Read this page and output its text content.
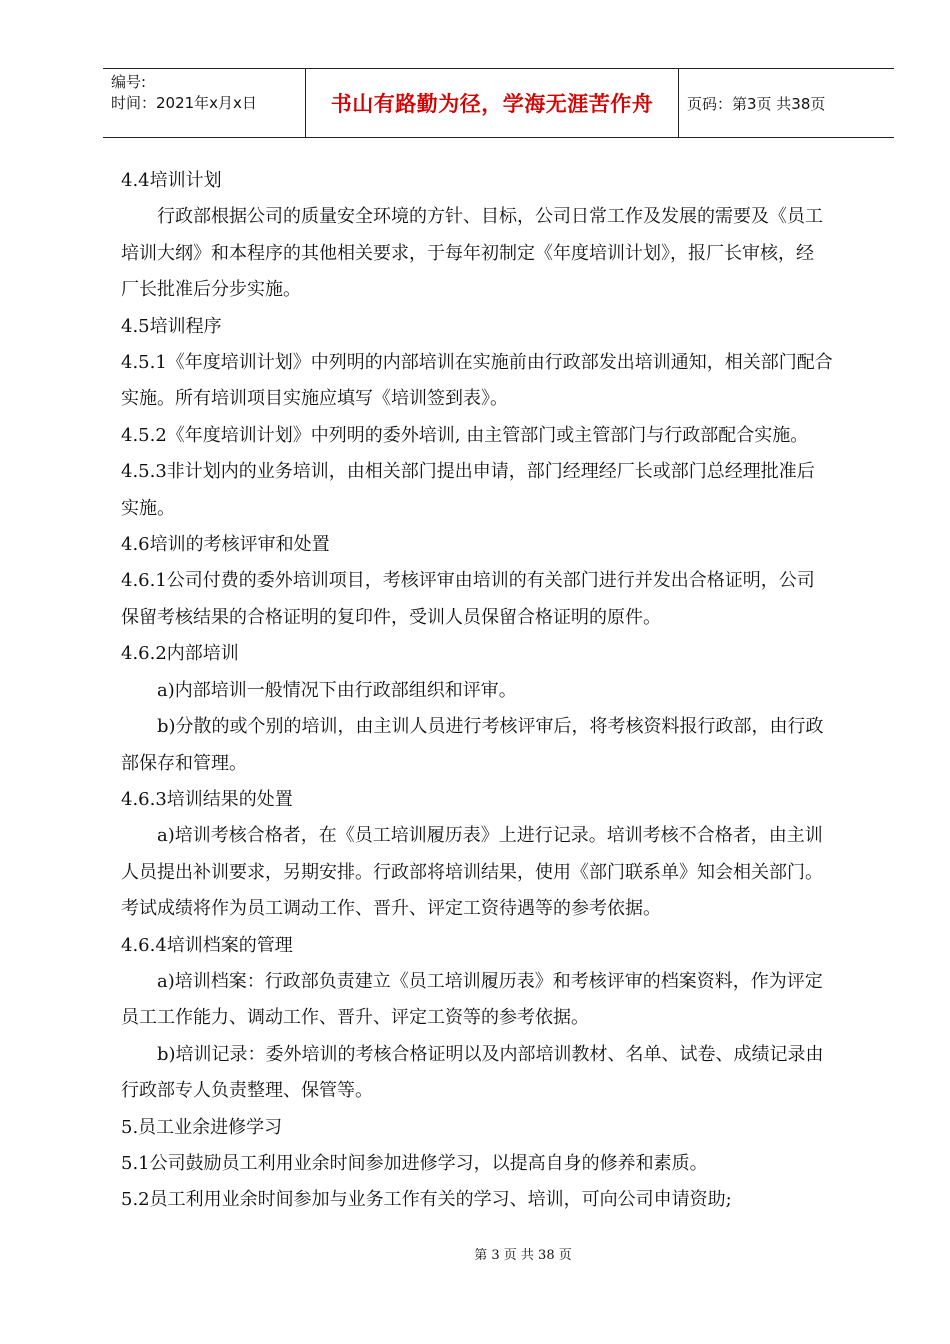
编号:
时间：2021年x月x日	书山有路勤为径，学海无涯苦作舟 页码：第3页 共38页
4.4培训计划
行政部根据公司的质量安全环境的方针、目标，公司日常工作及发展的需要及《员工
培训大纲》和本程序的其他相关要求，于每年初制定《年度培训计划》，报厂长审核，经
厂长批准后分步实施。
4.5培训程序
4.5.1《年度培训计划》中列明的内部培训在实施前由行政部发出培训通知，相关部门配合
实施。所有培训项目实施应填写《培训签到表》。
4.5.2《年度培训计划》中列明的委外培训, 由主管部门或主管部门与行政部配合实施。
4.5.3非计划内的业务培训，由相关部门提出申请，部门经理经厂长或部门总经理批准后
实施。
4.6培训的考核评审和处置
4.6.1公司付费的委外培训项目，考核评审由培训的有关部门进行并发出合格证明，公司
保留考核结果的合格证明的复印件，受训人员保留合格证明的原件。
4.6.2内部培训
a)内部培训一般情况下由行政部组织和评审。
b)分散的或个别的培训，由主训人员进行考核评审后，将考核资料报行政部，由行政
部保存和管理。
4.6.3培训结果的处置
a)培训考核合格者，在《员工培训履历表》上进行记录。培训考核不合格者，由主训
人员提出补训要求，另期安排。行政部将培训结果，使用《部门联系单》知会相关部门。
考试成绩将作为员工调动工作、晋升、评定工资待遇等的参考依据。
4.6.4培训档案的管理
a)培训档案：行政部负责建立《员工培训履历表》和考核评审的档案资料，作为评定
员工工作能力、调动工作、晋升、评定工资等的参考依据。
b)培训记录：委外培训的考核合格证明以及内部培训教材、名单、试卷、成绩记录由
行政部专人负责整理、保管等。
5.员工业余进修学习
5.1公司鼓励员工利用业余时间参加进修学习，以提高自身的修养和素质。
5.2员工利用业余时间参加与业务工作有关的学习、培训，可向公司申请资助;
第 3 页 共 38 页
